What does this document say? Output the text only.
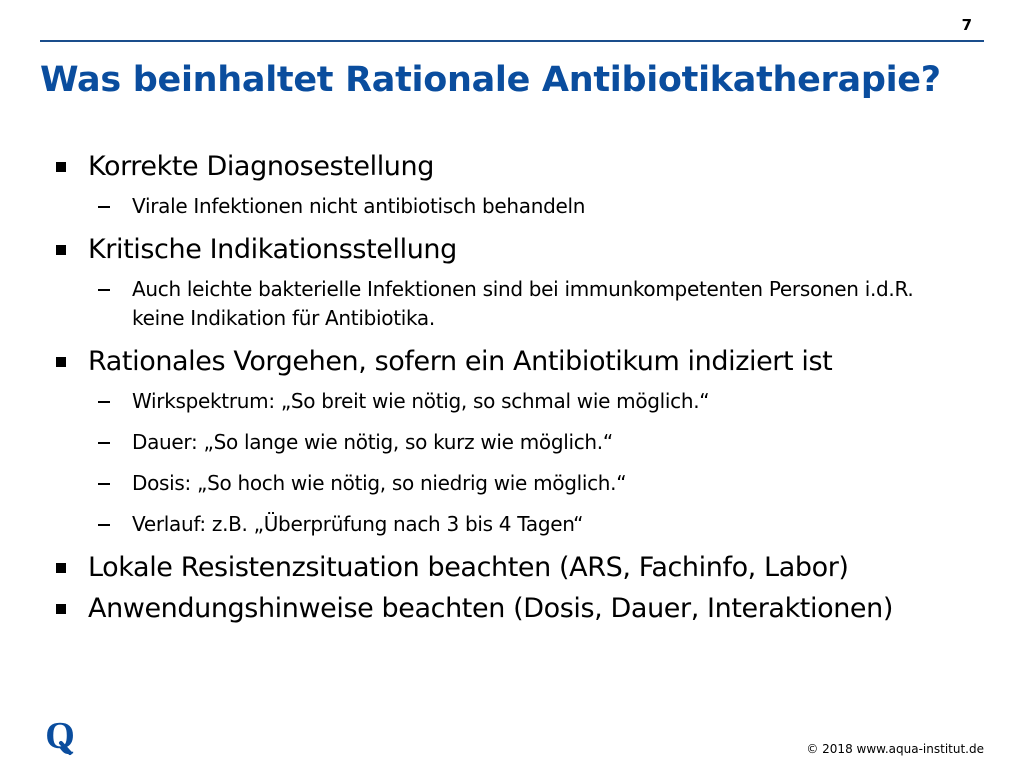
7
Was beinhaltet Rationale Antibiotikatherapie?
Korrekte Diagnosestellung
Virale Infektionen nicht antibiotisch behandeln
Kritische Indikationsstellung
Auch leichte bakterielle Infektionen sind bei immunkompetenten Personen i.d.R. keine Indikation für Antibiotika.
Rationales Vorgehen, sofern ein Antibiotikum indiziert ist
Wirkspektrum: „So breit wie nötig, so schmal wie möglich.“
Dauer: „So lange wie nötig, so kurz wie möglich.“
Dosis: „So hoch wie nötig, so niedrig wie möglich.“
Verlauf: z.B. „Überprüfung nach 3 bis 4 Tagen“
Lokale Resistenzsituation beachten (ARS, Fachinfo, Labor)
Anwendungshinweise beachten (Dosis, Dauer, Interaktionen)
Q	© 2018 www.aqua-institut.de
